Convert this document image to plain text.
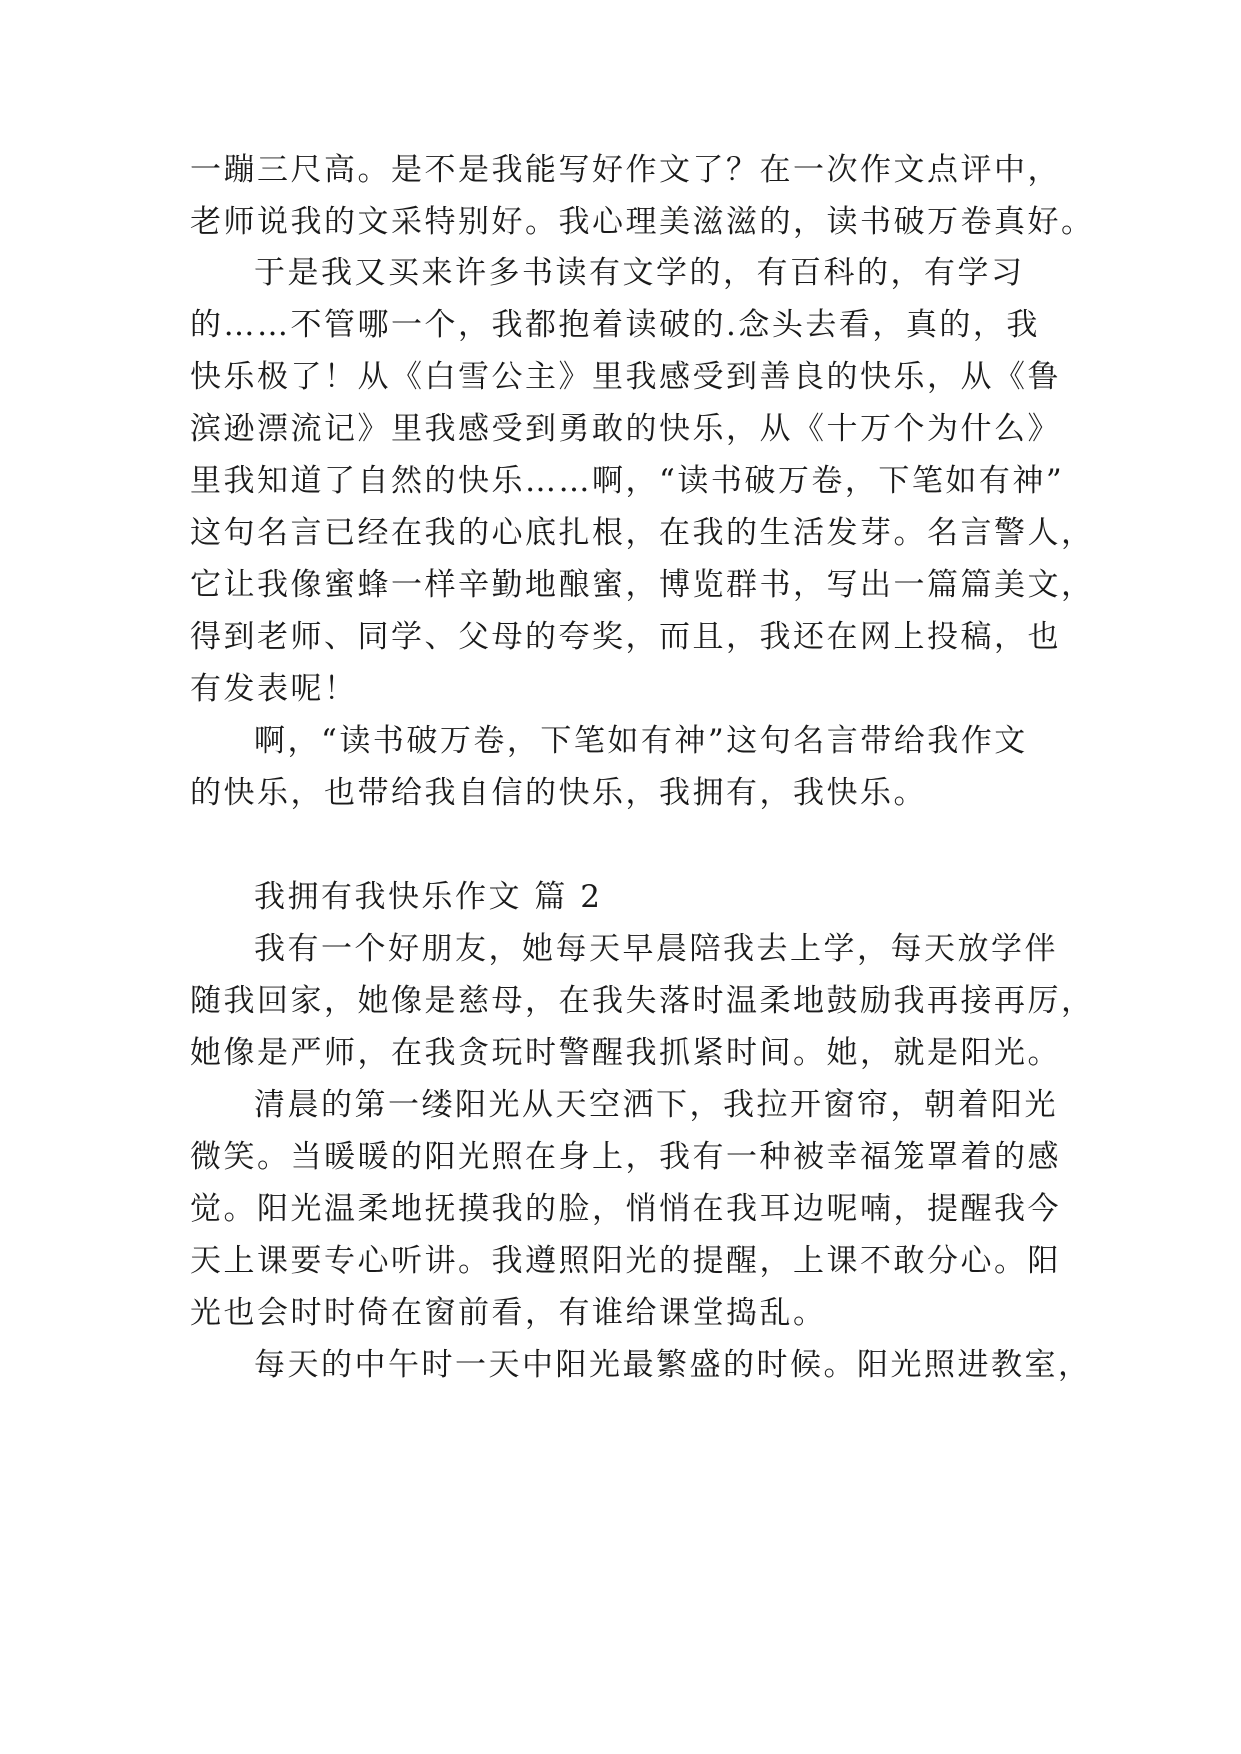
一蹦三尺高。是不是我能写好作文了？在一次作文点评中，
老师说我的文采特别好。我心理美滋滋的，读书破万卷真好。
于是我又买来许多书读有文学的，有百科的，有学习
的……不管哪一个，我都抱着读破的.念头去看，真的，我
快乐极了！从《白雪公主》里我感受到善良的快乐，从《鲁
滨逊漂流记》里我感受到勇敢的快乐，从《十万个为什么》
里我知道了自然的快乐……啊，“读书破万卷，下笔如有神”
这句名言已经在我的心底扎根，在我的生活发芽。名言警人，
它让我像蜜蜂一样辛勤地酿蜜，博览群书，写出一篇篇美文，
得到老师、同学、父母的夸奖，而且，我还在网上投稿，也
有发表呢！
啊，“读书破万卷，下笔如有神”这句名言带给我作文
的快乐，也带给我自信的快乐，我拥有，我快乐。
我拥有我快乐作文 篇 2
我有一个好朋友，她每天早晨陪我去上学，每天放学伴
随我回家，她像是慈母，在我失落时温柔地鼓励我再接再厉，
她像是严师，在我贪玩时警醒我抓紧时间。她，就是阳光。
清晨的第一缕阳光从天空洒下，我拉开窗帘，朝着阳光
微笑。当暖暖的阳光照在身上，我有一种被幸福笼罩着的感
觉。阳光温柔地抚摸我的脸，悄悄在我耳边呢喃，提醒我今
天上课要专心听讲。我遵照阳光的提醒，上课不敢分心。阳
光也会时时倚在窗前看，有谁给课堂捣乱。
每天的中午时一天中阳光最繁盛的时候。阳光照进教室，
